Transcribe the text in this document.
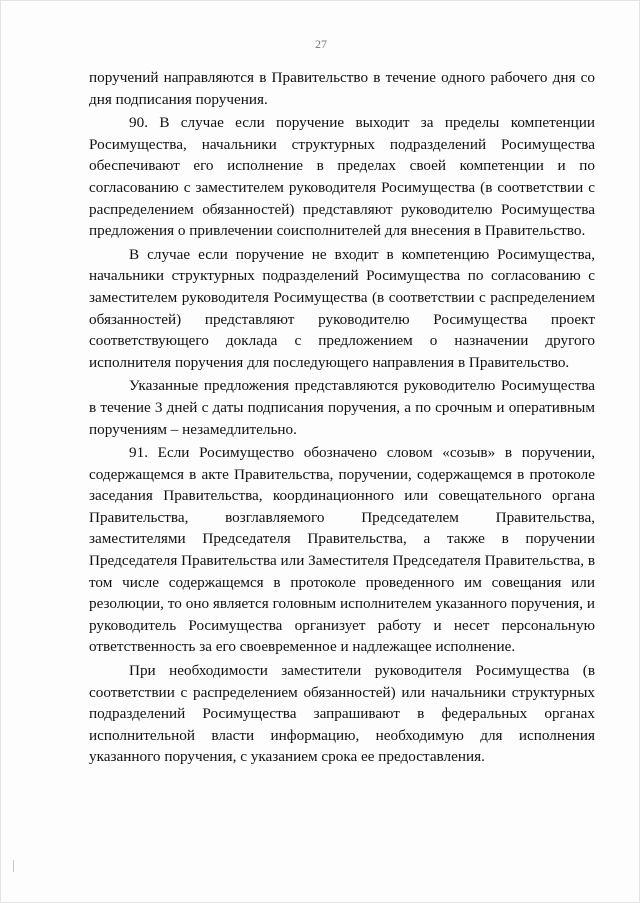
27

поручений направляются в Правительство в течение одного рабочего дня со дня подписания поручения.

90. В случае если поручение выходит за пределы компетенции Росимущества, начальники структурных подразделений Росимущества обеспечивают его исполнение в пределах своей компетенции и по согласованию с заместителем руководителя Росимущества (в соответствии с распределением обязанностей) представляют руководителю Росимущества предложения о привлечении соисполнителей для внесения в Правительство.

В случае если поручение не входит в компетенцию Росимущества, начальники структурных подразделений Росимущества по согласованию с заместителем руководителя Росимущества (в соответствии с распределением обязанностей) представляют руководителю Росимущества проект соответствующего доклада с предложением о назначении другого исполнителя поручения для последующего направления в Правительство.

Указанные предложения представляются руководителю Росимущества в течение 3 дней с даты подписания поручения, а по срочным и оперативным поручениям – незамедлительно.

91. Если Росимущество обозначено словом «созыв» в поручении, содержащемся в акте Правительства, поручении, содержащемся в протоколе заседания Правительства, координационного или совещательного органа Правительства, возглавляемого Председателем Правительства, заместителями Председателя Правительства, а также в поручении Председателя Правительства или Заместителя Председателя Правительства, в том числе содержащемся в протоколе проведенного им совещания или резолюции, то оно является головным исполнителем указанного поручения, и руководитель Росимущества организует работу и несет персональную ответственность за его своевременное и надлежащее исполнение.

При необходимости заместители руководителя Росимущества (в соответствии с распределением обязанностей) или начальники структурных подразделений Росимущества запрашивают в федеральных органах исполнительной власти информацию, необходимую для исполнения указанного поручения, с указанием срока ее предоставления.
